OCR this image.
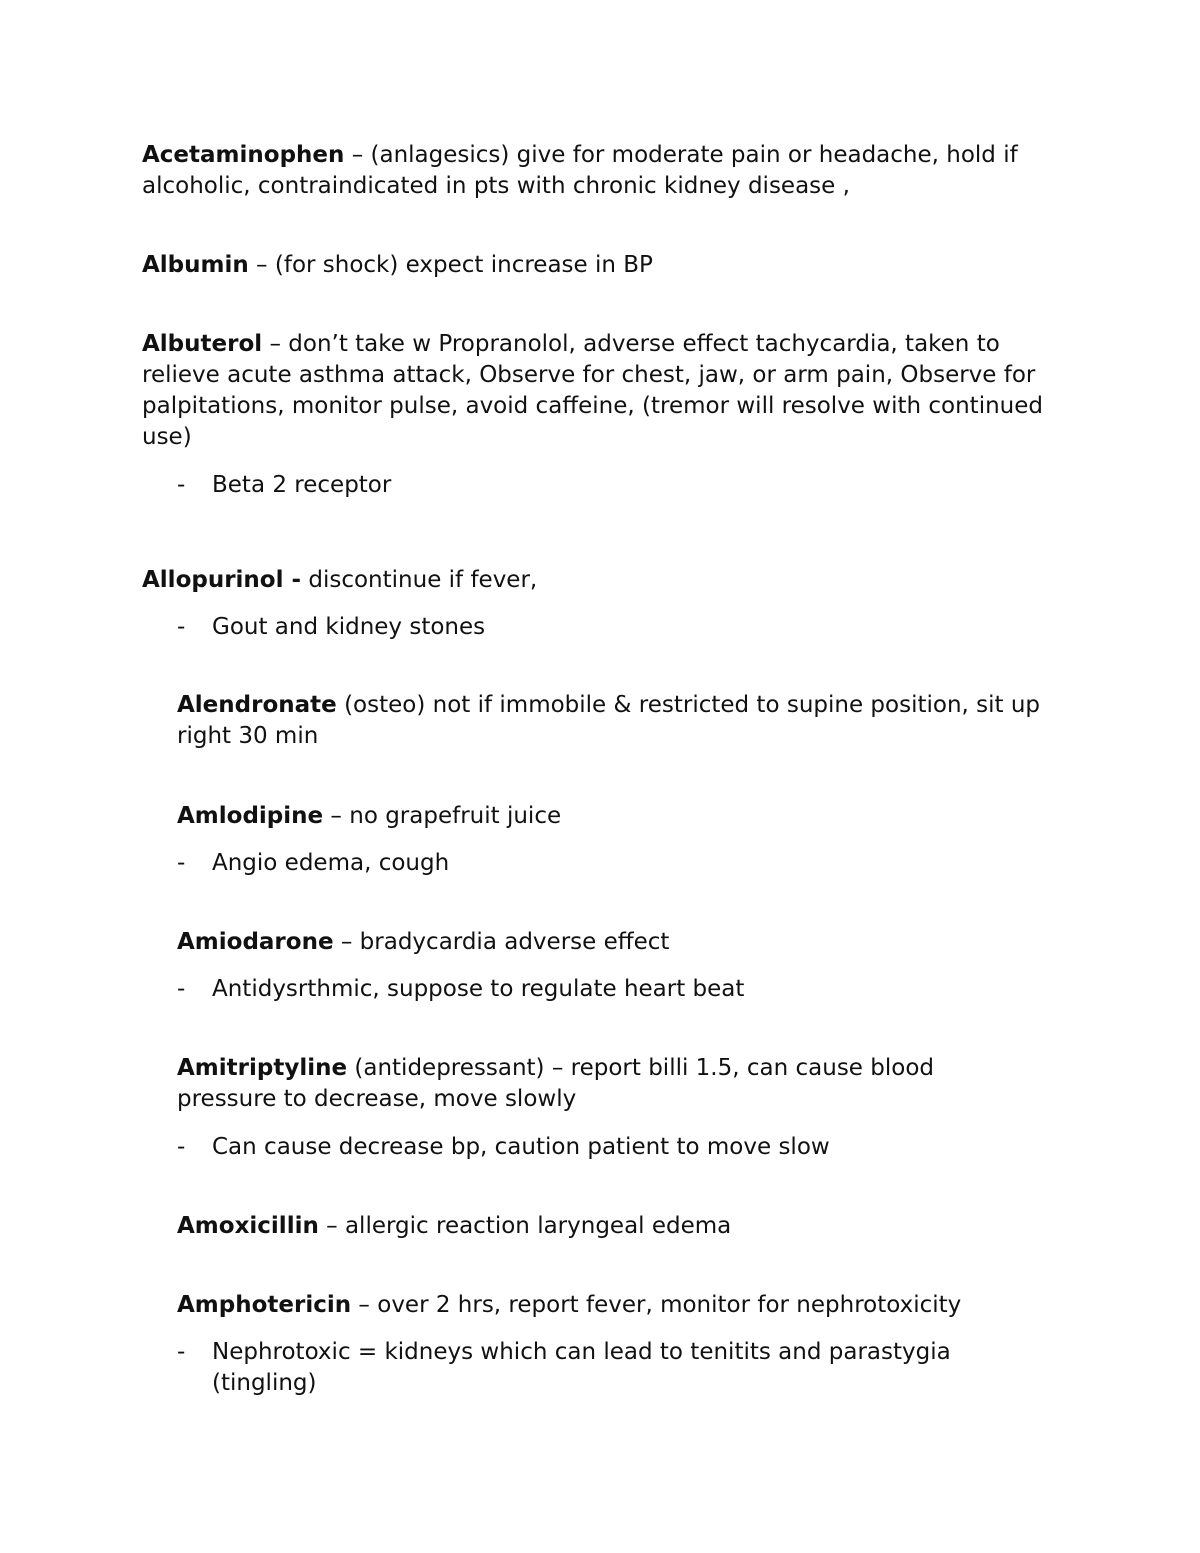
Acetaminophen – (anlagesics) give for moderate pain or headache, hold if alcoholic, contraindicated in pts with chronic kidney disease ,

Albumin – (for shock) expect increase in BP

Albuterol – don’t take w Propranolol, adverse effect tachycardia, taken to relieve acute asthma attack, Observe for chest, jaw, or arm pain, Observe for palpitations, monitor pulse, avoid caffeine, (tremor will resolve with continued use)

- Beta 2 receptor

Allopurinol - discontinue if fever,

- Gout and kidney stones

Alendronate (osteo) not if immobile & restricted to supine position, sit up right 30 min

Amlodipine – no grapefruit juice

- Angio edema, cough

Amiodarone – bradycardia adverse effect

- Antidysrthmic, suppose to regulate heart beat

Amitriptyline (antidepressant) – report billi 1.5, can cause blood pressure to decrease, move slowly

- Can cause decrease bp, caution patient to move slow

Amoxicillin – allergic reaction laryngeal edema

Amphotericin – over 2 hrs, report fever, monitor for nephrotoxicity

- Nephrotoxic = kidneys which can lead to tenitits and parastygia (tingling)
